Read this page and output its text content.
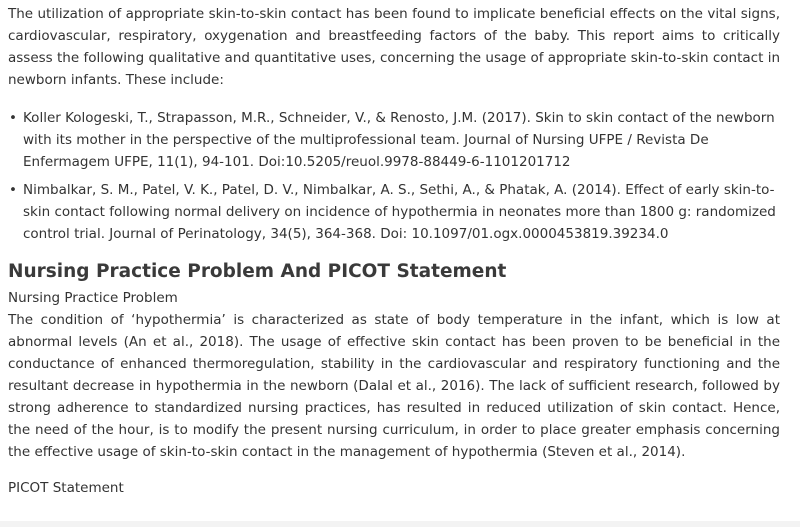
The utilization of appropriate skin-to-skin contact has been found to implicate beneficial effects on the vital signs, cardiovascular, respiratory, oxygenation and breastfeeding factors of the baby. This report aims to critically assess the following qualitative and quantitative uses, concerning the usage of appropriate skin-to-skin contact in newborn infants. These include:

• Koller Kologeski, T., Strapasson, M.R., Schneider, V., & Renosto, J.M. (2017). Skin to skin contact of the newborn with its mother in the perspective of the multiprofessional team. Journal of Nursing UFPE / Revista De Enfermagem UFPE, 11(1), 94-101. Doi:10.5205/reuol.9978-88449-6-1101201712
• Nimbalkar, S. M., Patel, V. K., Patel, D. V., Nimbalkar, A. S., Sethi, A., & Phatak, A. (2014). Effect of early skin-to-skin contact following normal delivery on incidence of hypothermia in neonates more than 1800 g: randomized control trial. Journal of Perinatology, 34(5), 364-368. Doi: 10.1097/01.ogx.0000453819.39234.0
Nursing Practice Problem And PICOT Statement
Nursing Practice Problem

The condition of ‘hypothermia’ is characterized as state of body temperature in the infant, which is low at abnormal levels (An et al., 2018). The usage of effective skin contact has been proven to be beneficial in the conductance of enhanced thermoregulation, stability in the cardiovascular and respiratory functioning and the resultant decrease in hypothermia in the newborn (Dalal et al., 2016). The lack of sufficient research, followed by strong adherence to standardized nursing practices, has resulted in reduced utilization of skin contact. Hence, the need of the hour, is to modify the present nursing curriculum, in order to place greater emphasis concerning the effective usage of skin-to-skin contact in the management of hypothermia (Steven et al., 2014).

PICOT Statement
